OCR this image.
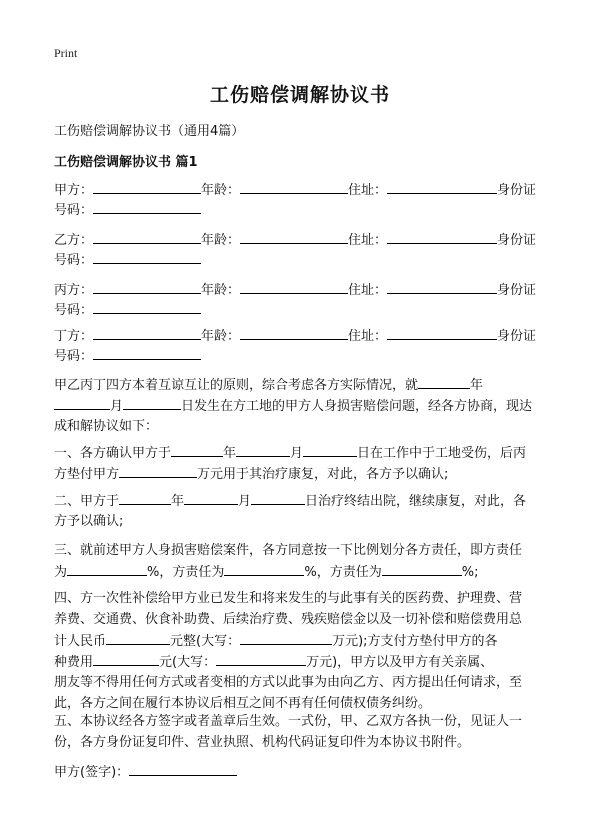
Print
工伤赔偿调解协议书
工伤赔偿调解协议书（通用4篇）
工伤赔偿调解协议书 篇1
甲方：	年龄：	住址：	身份证
号码：
乙方：	年龄：	住址：	身份证
号码：
丙方：	年龄：	住址：	身份证
号码：
丁方：	年龄：	住址：	身份证
号码：
甲乙丙丁四方本着互谅互让的原则，综合考虑各方实际情况，就	年
月	日发生在方工地的甲方人身损害赔偿问题，经各方协商，现达
成和解协议如下：
一、各方确认甲方于	年	月	日在工作中于工地受伤，后丙
方垫付甲方	万元用于其治疗康复，对此，各方予以确认;
二、甲方于	年	月	日治疗终结出院，继续康复，对此，各
方予以确认;
三、就前述甲方人身损害赔偿案件，各方同意按一下比例划分各方责任，即方责任
为	%，方责任为	%，方责任为	%;
四、方一次性补偿给甲方业已发生和将来发生的与此事有关的医药费、护理费、营
养费、交通费、伙食补助费、后续治疗费、残疾赔偿金以及一切补偿和赔偿费用总
计人民币	元整(大写：	万元);方支付方垫付甲方的各
种费用	元(大写：	万元)，甲方以及甲方有关亲属、
朋友等不得用任何方式或者变相的方式以此事为由向乙方、丙方提出任何请求，至
此，各方之间在履行本协议后相互之间不再有任何债权债务纠纷。
五、本协议经各方签字或者盖章后生效。一式份，甲、乙双方各执一份，见证人一
份，各方身份证复印件、营业执照、机构代码证复印件为本协议书附件。
甲方(签字)：
